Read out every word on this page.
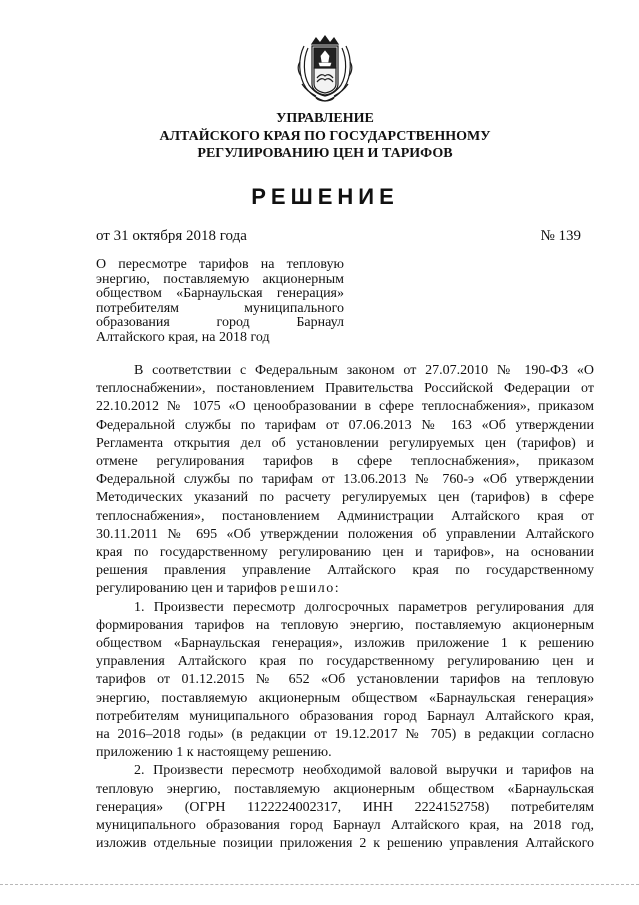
УПРАВЛЕНИЕ
АЛТАЙСКОГО КРАЯ ПО ГОСУДАРСТВЕННОМУ
РЕГУЛИРОВАНИЮ ЦЕН И ТАРИФОВ
РЕШЕНИЕ
от 31 октября 2018 года	№ 139
О пересмотре тарифов на тепловую
энергию, поставляемую акционерным
обществом «Барнаульская генерация»
потребителям муниципального
образования город Барнаул
Алтайского края, на 2018 год
В соответствии с Федеральным законом от 27.07.2010 № 190-ФЗ «О
теплоснабжении», постановлением Правительства Российской Федерации от
22.10.2012 № 1075 «О ценообразовании в сфере теплоснабжения», приказом
Федеральной службы по тарифам от 07.06.2013 № 163 «Об утверждении
Регламента открытия дел об установлении регулируемых цен (тарифов) и
отмене регулирования тарифов в сфере теплоснабжения», приказом
Федеральной службы по тарифам от 13.06.2013 № 760-э «Об утверждении
Методических указаний по расчету регулируемых цен (тарифов) в сфере
теплоснабжения», постановлением Администрации Алтайского края от
30.11.2011 № 695 «Об утверждении положения об управлении Алтайского
края по государственному регулированию цен и тарифов», на основании
решения правления управление Алтайского края по государственному
регулированию цен и тарифов решило:
1. Произвести пересмотр долгосрочных параметров регулирования для
формирования тарифов на тепловую энергию, поставляемую акционерным
обществом «Барнаульская генерация», изложив приложение 1 к решению
управления Алтайского края по государственному регулированию цен и
тарифов от 01.12.2015 № 652 «Об установлении тарифов на тепловую
энергию, поставляемую акционерным обществом «Барнаульская генерация»
потребителям муниципального образования город Барнаул Алтайского края,
на 2016–2018 годы» (в редакции от 19.12.2017 № 705) в редакции согласно
приложению 1 к настоящему решению.
2. Произвести пересмотр необходимой валовой выручки и тарифов на
тепловую энергию, поставляемую акционерным обществом «Барнаульская
генерация» (ОГРН 1122224002317, ИНН 2224152758) потребителям
муниципального образования город Барнаул Алтайского края, на 2018 год,
изложив отдельные позиции приложения 2 к решению управления Алтайского
